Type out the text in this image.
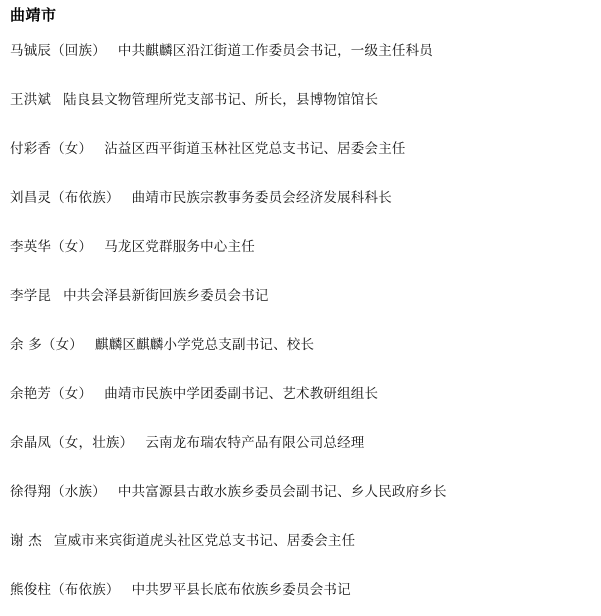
曲靖市
马铖辰（回族） 中共麒麟区沿江街道工作委员会书记，一级主任科员
王洪斌 陆良县文物管理所党支部书记、所长，县博物馆馆长
付彩香（女） 沾益区西平街道玉林社区党总支书记、居委会主任
刘昌灵（布依族） 曲靖市民族宗教事务委员会经济发展科科长
李英华（女） 马龙区党群服务中心主任
李学昆 中共会泽县新街回族乡委员会书记
余 多（女） 麒麟区麒麟小学党总支副书记、校长
余艳芳（女） 曲靖市民族中学团委副书记、艺术教研组组长
余晶凤（女，壮族） 云南龙布瑞农特产品有限公司总经理
徐得翔（水族） 中共富源县古敢水族乡委员会副书记、乡人民政府乡长
谢 杰 宣威市来宾街道虎头社区党总支书记、居委会主任
熊俊柱（布依族） 中共罗平县长底布依族乡委员会书记
